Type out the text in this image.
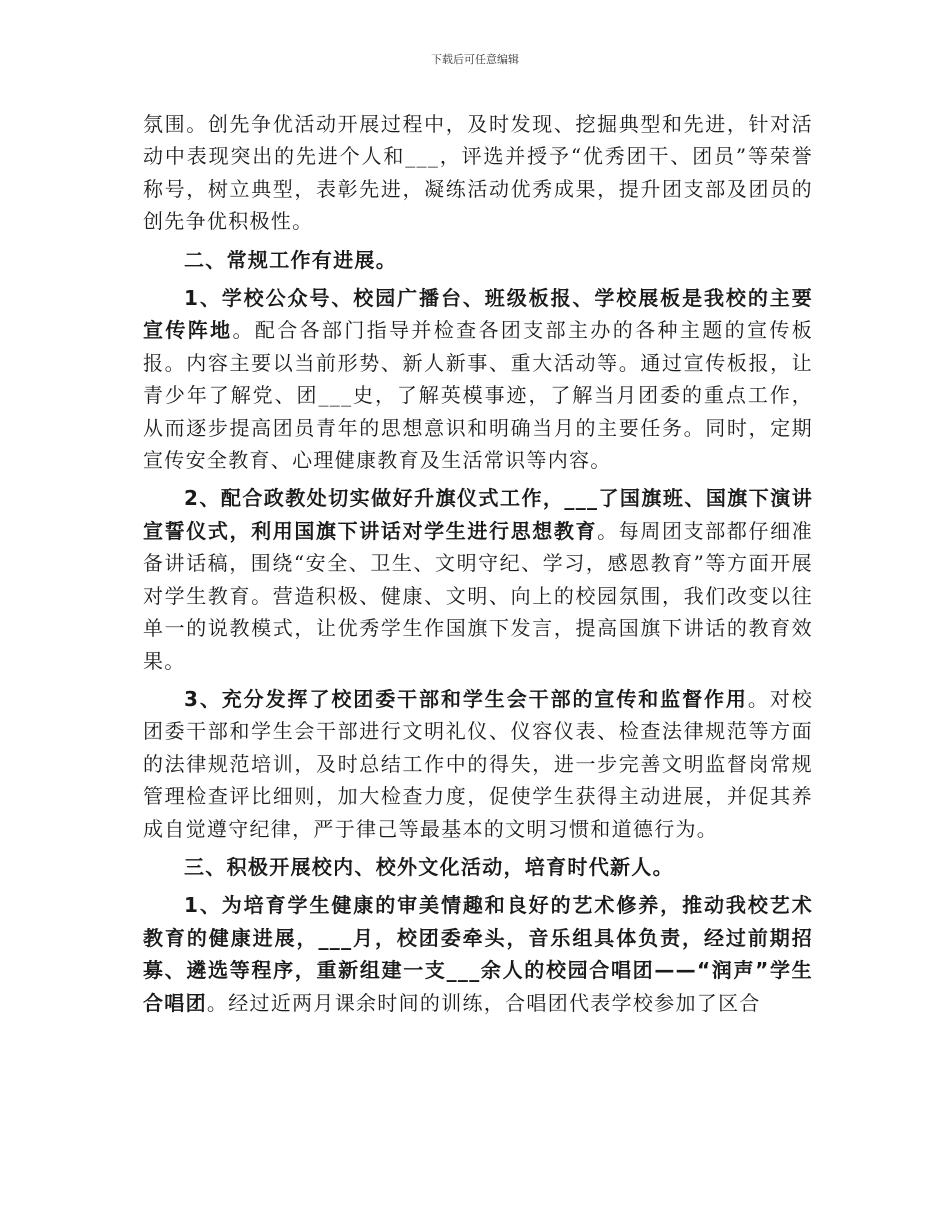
下载后可任意编辑

氛围。创先争优活动开展过程中，及时发现、挖掘典型和先进，针对活动中表现突出的先进个人和___，评选并授予“优秀团干、团员”等荣誉称号，树立典型，表彰先进，凝练活动优秀成果，提升团支部及团员的创先争优积极性。

二、常规工作有进展。

1、学校公众号、校园广播台、班级板报、学校展板是我校的主要宣传阵地。配合各部门指导并检查各团支部主办的各种主题的宣传板报。内容主要以当前形势、新人新事、重大活动等。通过宣传板报，让青少年了解党、团___史，了解英模事迹，了解当月团委的重点工作，从而逐步提高团员青年的思想意识和明确当月的主要任务。同时，定期宣传安全教育、心理健康教育及生活常识等内容。

2、配合政教处切实做好升旗仪式工作，___了国旗班、国旗下演讲宣誓仪式，利用国旗下讲话对学生进行思想教育。每周团支部都仔细准备讲话稿，围绕“安全、卫生、文明守纪、学习，感恩教育”等方面开展对学生教育。营造积极、健康、文明、向上的校园氛围，我们改变以往单一的说教模式，让优秀学生作国旗下发言，提高国旗下讲话的教育效果。

3、充分发挥了校团委干部和学生会干部的宣传和监督作用。对校团委干部和学生会干部进行文明礼仪、仪容仪表、检查法律规范等方面的法律规范培训，及时总结工作中的得失，进一步完善文明监督岗常规管理检查评比细则，加大检查力度，促使学生获得主动进展，并促其养成自觉遵守纪律，严于律己等最基本的文明习惯和道德行为。

三、积极开展校内、校外文化活动，培育时代新人。

1、为培育学生健康的审美情趣和良好的艺术修养，推动我校艺术教育的健康进展，___月，校团委牵头，音乐组具体负责，经过前期招募、遴选等程序，重新组建一支___余人的校园合唱团——“润声”学生合唱团。经过近两月课余时间的训练，合唱团代表学校参加了区合
